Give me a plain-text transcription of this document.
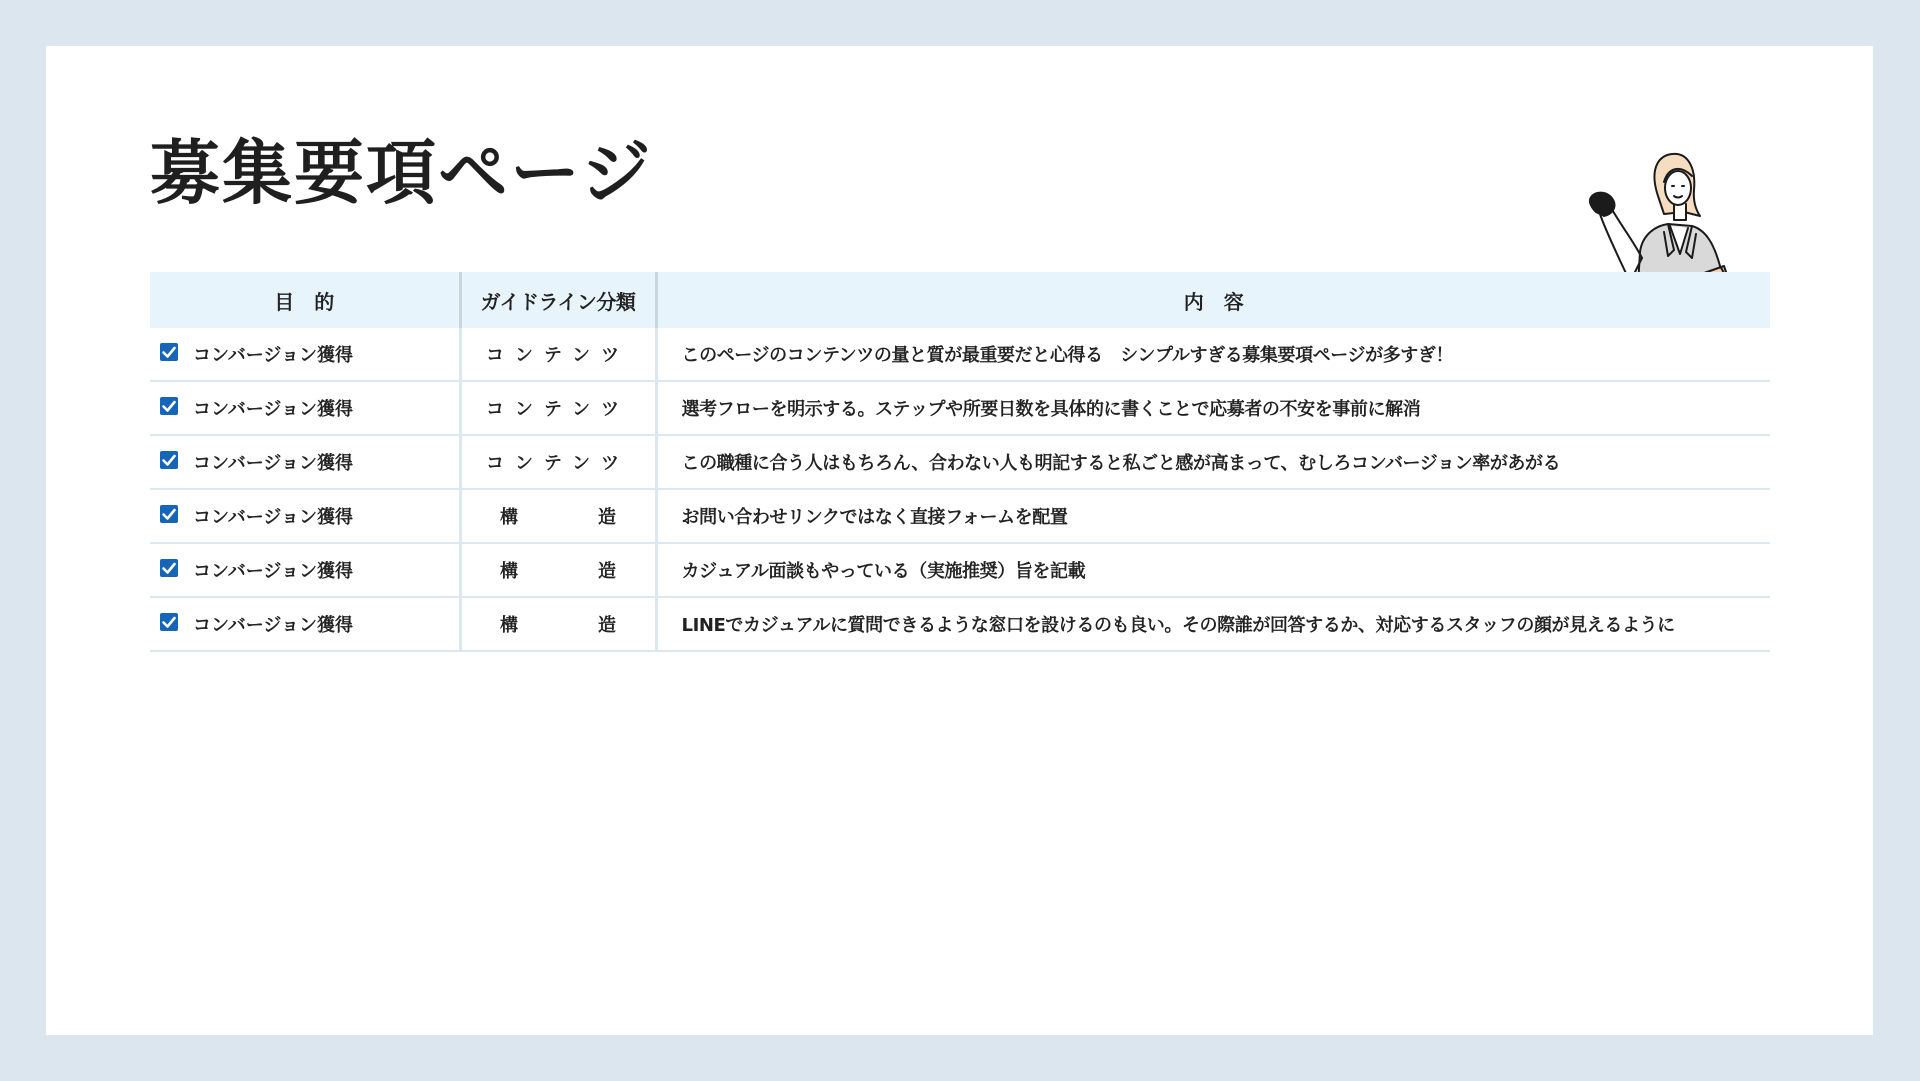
募集要項ページ
目　的	ガイドライン分類	内　容

コンバージョン獲得	コンテンツ	このページのコンテンツの量と質が最重要だと心得る　シンプルすぎる募集要項ページが多すぎ！

コンバージョン獲得	コンテンツ	選考フローを明示する。ステップや所要日数を具体的に書くことで応募者の不安を事前に解消

コンバージョン獲得	コンテンツ	この職種に合う人はもちろん、合わない人も明記すると私ごと感が高まって、むしろコンバージョン率があがる

コンバージョン獲得	構造	お問い合わせリンクではなく直接フォームを配置

コンバージョン獲得	構造	カジュアル面談もやっている（実施推奨）旨を記載

コンバージョン獲得	構造	LINEでカジュアルに質問できるような窓口を設けるのも良い。その際誰が回答するか、対応するスタッフの顔が見えるように
